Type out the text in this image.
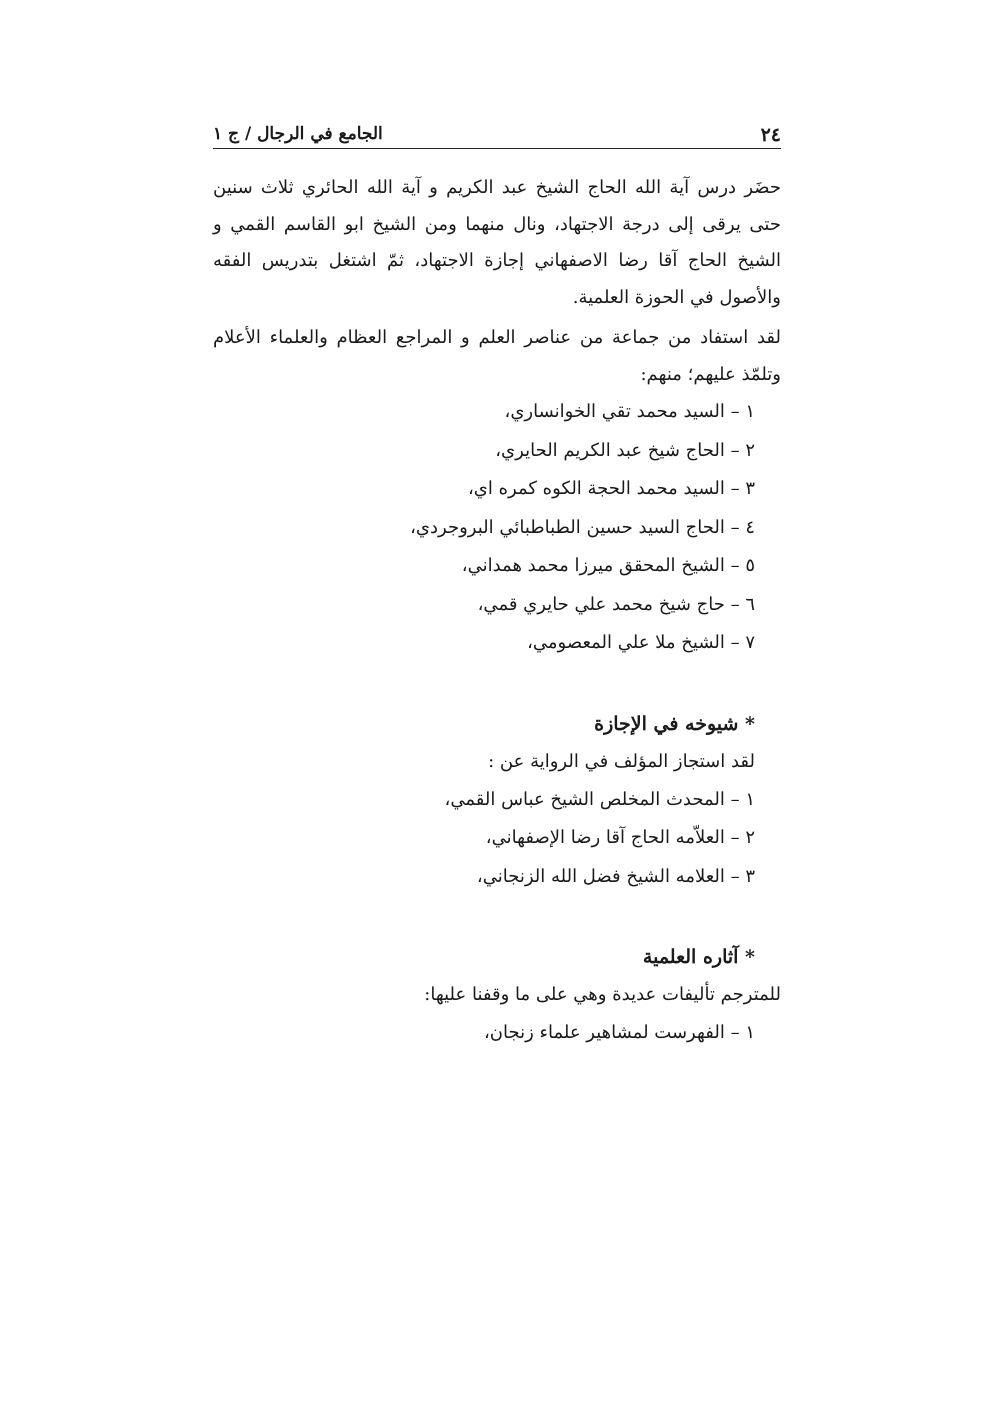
٢٤
الجامع في الرجال / ج ١

حضَر درس آية الله الحاج الشيخ عبد الكريم و آية الله الحائري ثلاث سنين حتى يرقى إلى درجة الاجتهاد، ونال منهما ومن الشيخ ابو القاسم القمي و الشيخ الحاج آقا رضا الاصفهاني إجازة الاجتهاد، ثمّ اشتغل بتدريس الفقه والأصول في الحوزة العلمية.

لقد استفاد من جماعة من عناصر العلم و المراجع العظام والعلماء الأعلام وتلمّذ عليهم؛ منهم:

١ – السيد محمد تقي الخوانساري،
٢ – الحاج شيخ عبد الكريم الحايري،
٣ – السيد محمد الحجة الكوه كمره اي،
٤ – الحاج السيد حسين الطباطبائي البروجردي،
٥ – الشيخ المحقق ميرزا محمد همداني،
٦ – حاج شيخ محمد علي حايري قمي،
٧ – الشيخ ملا علي المعصومي،

* شيوخه في الإجازة

لقد استجاز المؤلف في الرواية عن :

١ – المحدث المخلص الشيخ عباس القمي،
٢ – العلاّمه الحاج آقا رضا الإصفهاني،
٣ – العلامه الشيخ فضل الله الزنجاني،

* آثاره العلمية

للمترجم تأليفات عديدة وهي على ما وقفنا عليها:

١ – الفهرست لمشاهير علماء زنجان،
